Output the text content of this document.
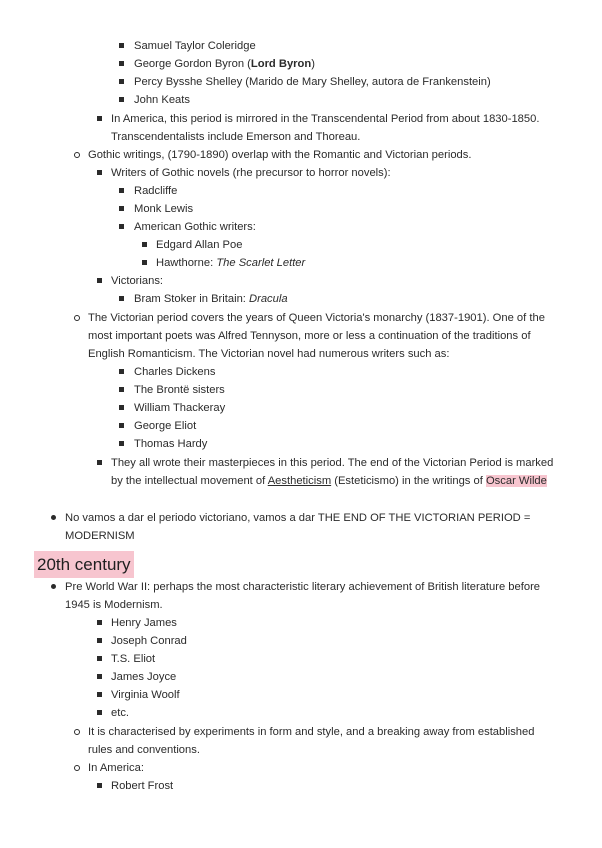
Samuel Taylor Coleridge
George Gordon Byron (Lord Byron)
Percy Bysshe Shelley (Marido de Mary Shelley, autora de Frankenstein)
John Keats
In America, this period is mirrored in the Transcendental Period from about 1830-1850.
Transcendentalists include Emerson and Thoreau.
Gothic writings, (1790-1890) overlap with the Romantic and Victorian periods.
Writers of Gothic novels (rhe precursor to horror novels):
Radcliffe
Monk Lewis
American Gothic writers:
Edgard Allan Poe
Hawthorne: The Scarlet Letter
Victorians:
Bram Stoker in Britain: Dracula
The Victorian period covers the years of Queen Victoria's monarchy (1837-1901). One of the
most important poets was Alfred Tennyson, more or less a continuation of the traditions of
English Romanticism. The Victorian novel had numerous writers such as:
Charles Dickens
The Brontë sisters
William Thackeray
George Eliot
Thomas Hardy
They all wrote their masterpieces in this period. The end of the Victorian Period is marked
by the intellectual movement of Aestheticism (Esteticismo) in the writings of Oscar Wilde
No vamos a dar el periodo victoriano, vamos a dar THE END OF THE VICTORIAN PERIOD =
MODERNISM
20th century
Pre World War II: perhaps the most characteristic literary achievement of British literature before
1945 is Modernism.
Henry James
Joseph Conrad
T.S. Eliot
James Joyce
Virginia Woolf
etc.
It is characterised by experiments in form and style, and a breaking away from established
rules and conventions.
In America:
Robert Frost
